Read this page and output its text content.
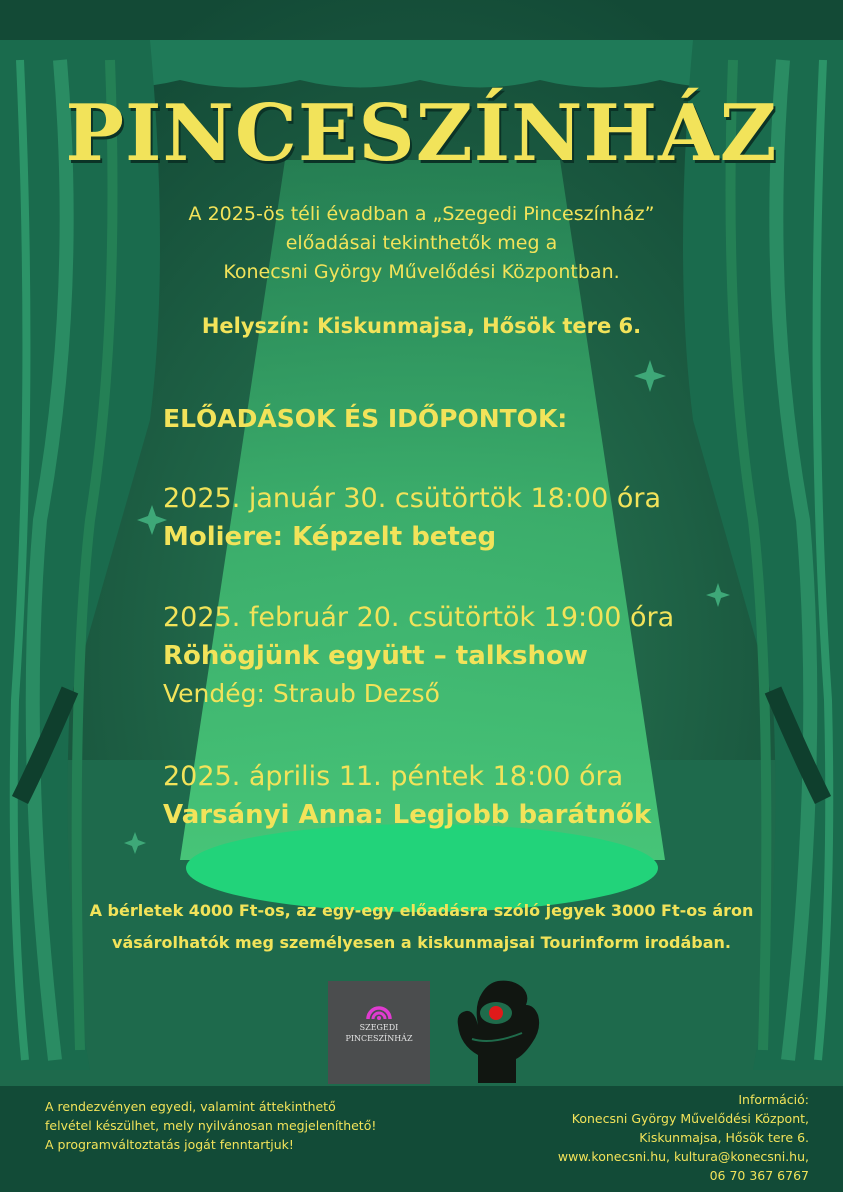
PINCESZÍNHÁZ
A 2025-ös téli évadban a „Szegedi Pinceszínház”
előadásai tekinthetők meg a
Konecsni György Művelődési Központban.
Helyszín: Kiskunmajsa, Hősök tere 6.
ELŐADÁSOK ÉS IDŐPONTOK:
2025. január 30. csütörtök 18:00 óra
Moliere: Képzelt beteg
2025. február 20. csütörtök 19:00 óra
Röhögjünk együtt – talkshow
Vendég: Straub Dezső
2025. április 11. péntek 18:00 óra
Varsányi Anna: Legjobb barátnők
A bérletek 4000 Ft-os, az egy-egy előadásra szóló jegyek 3000 Ft-os áron
vásárolhatók meg személyesen a kiskunmajsai Tourinform irodában.
SZEGEDI
PINCESZÍNHÁZ
A rendezvényen egyedi, valamint áttekinthető
felvétel készülhet, mely nyilvánosan megjeleníthető!
A programváltoztatás jogát fenntartjuk!
Információ:
Konecsni György Művelődési Központ,
Kiskunmajsa, Hősök tere 6.
www.konecsni.hu, kultura@konecsni.hu,
06 70 367 6767
